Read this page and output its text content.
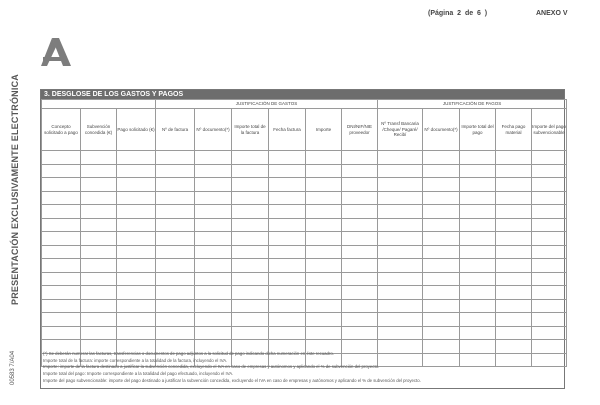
(Página  2  de  6  )	ANEXO V
PRESENTACIÓN EXCLUSIVAMENTE ELECTRÓNICA
00583 7/A04
3. DESGLOSE DE LOS GASTOS Y PAGOS
			JUSTIFICACIÓN DE GASTOS						JUSTIFICACIÓN DE PAGOS				
Concepto solicitado a pago	Subvención concedida (€)	Pago solicitado (€)	Nº de factura	Nº documento(*)	Importe total de la factura	Fecha factura	Importe	DNI/NIF/NIE proveedor	Nº Transf Bancaria /Cheque/ Pagaré/ Recibí	Nº documento(*)	Importe total del pago	Fecha pago material	Importe del pago subvencionable

(*) Se deberán numerar las facturas, transferencias o documentos de pago adjuntos a la solicitud de pago indicando dicha numeración en éste recuadro.
Importe total de la factura: importe correspondiente a la totalidad de la factura, incluyendo el IVA.
Importe: importe de la factura destinado a justificar la subvención concedida, excluyendo el IVA en caso de empresas y autónomos y aplicando el % de subvención del proyecto.
Importe total del pago: Importe correspondiente a la totalidad del pago efectuado, incluyendo el IVA.
Importe del pago subvencionable: importe del pago destinado a justificar la subvención concedida, excluyendo el IVA en caso de empresas y autónomos y aplicando el % de subvención del proyecto.
